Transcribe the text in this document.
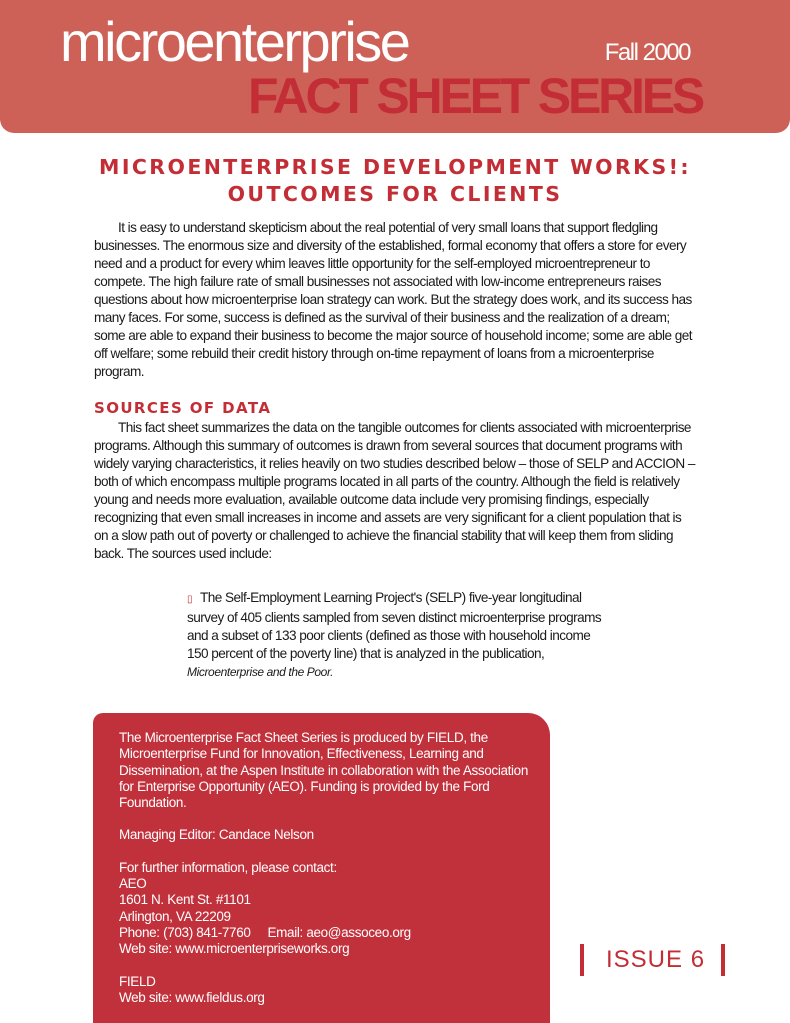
microenterprise	Fall 2000
FACT SHEET SERIES
MICROENTERPRISE DEVELOPMENT WORKS!:
OUTCOMES FOR CLIENTS

It is easy to understand skepticism about the real potential of very small loans that support fledgling businesses. The enormous size and diversity of the established, formal economy that offers a store for every need and a product for every whim leaves little opportunity for the self-employed microentrepreneur to compete. The high failure rate of small businesses not associated with low-income entrepreneurs raises questions about how microenterprise loan strategy can work. But the strategy does work, and its success has many faces. For some, success is defined as the survival of their business and the realization of a dream; some are able to expand their business to become the major source of household income; some are able get off welfare; some rebuild their credit history through on-time repayment of loans from a microenterprise program.

SOURCES OF DATA

This fact sheet summarizes the data on the tangible outcomes for clients associated with microenterprise programs. Although this summary of outcomes is drawn from several sources that document programs with widely varying characteristics, it relies heavily on two studies described below – those of SELP and ACCION – both of which encompass multiple programs located in all parts of the country. Although the field is relatively young and needs more evaluation, available outcome data include very promising findings, especially recognizing that even small increases in income and assets are very significant for a client population that is on a slow path out of poverty or challenged to achieve the financial stability that will keep them from sliding back. The sources used include:

▯ The Self-Employment Learning Project's (SELP) five-year longitudinal survey of 405 clients sampled from seven distinct microenterprise programs and a subset of 133 poor clients (defined as those with household income 150 percent of the poverty line) that is analyzed in the publication, Microenterprise and the Poor.

The Microenterprise Fact Sheet Series is produced by FIELD, the Microenterprise Fund for Innovation, Effectiveness, Learning and Dissemination, at the Aspen Institute in collaboration with the Association for Enterprise Opportunity (AEO). Funding is provided by the Ford Foundation.

Managing Editor: Candace Nelson

For further information, please contact:

AEO

1601 N. Kent St. #1101

Arlington, VA 22209

Phone: (703) 841-7760     Email: aeo@assoceo.org

Web site: www.microenterpriseworks.org

FIELD

Web site: www.fieldus.org

ISSUE 6
